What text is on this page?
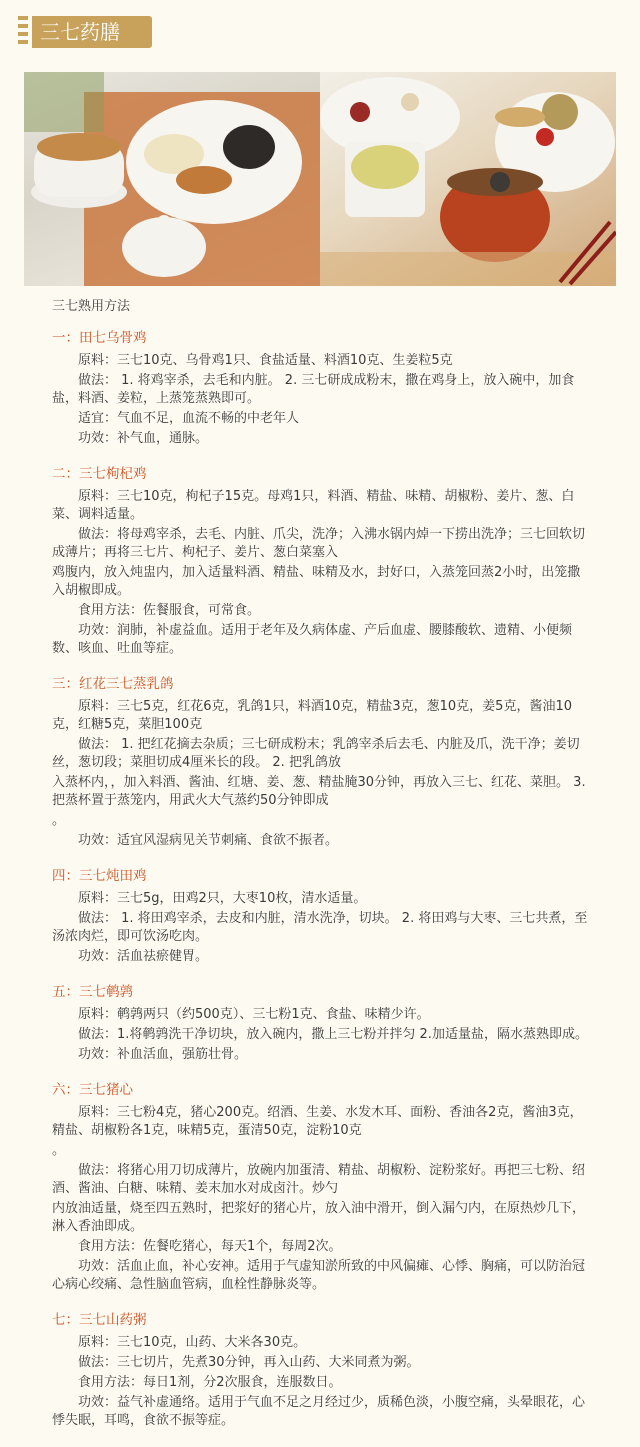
三七药膳
三七熟用方法
一：田七乌骨鸡

原料：三七10克、乌骨鸡1只、食盐适量、料酒10克、生姜粒5克

做法： 1. 将鸡宰杀，去毛和内脏。 2. 三七研成成粉末，撒在鸡身上，放入碗中，加食盐，料酒、姜粒，上蒸笼蒸熟即可。

适宜：气血不足，血流不畅的中老年人

功效：补气血，通脉。

二：三七枸杞鸡

原料：三七10克，枸杞子15克。母鸡1只，料酒、精盐、味精、胡椒粉、姜片、葱、白菜、调料适量。

做法：将母鸡宰杀，去毛、内脏、爪尖，洗净；入沸水锅内焯一下捞出洗净；三七回软切成薄片；再将三七片、枸杞子、姜片、葱白菜塞入

鸡腹内，放入炖盅内，加入适量料酒、精盐、味精及水，封好口，入蒸笼回蒸2小时，出笼撒入胡椒即成。

食用方法：佐餐服食，可常食。

功效：润肺，补虚益血。适用于老年及久病体虚、产后血虚、腰膝酸软、遗精、小便频数、咳血、吐血等症。

三：红花三七蒸乳鸽

原料：三七5克，红花6克，乳鸽1只，料酒10克，精盐3克，葱10克，姜5克，酱油10克，红糖5克，菜胆100克

做法： 1. 把红花摘去杂质；三七研成粉末；乳鸽宰杀后去毛、内脏及爪，洗干净；姜切丝，葱切段；菜胆切成4厘米长的段。 2. 把乳鸽放

入蒸杯内，，加入料酒、酱油、红塘、姜、葱、精盐腌30分钟，再放入三七、红花、菜胆。 3. 把蒸杯置于蒸笼内，用武火大气蒸约50分钟即成

。

功效：适宜风湿病见关节刺痛、食欲不振者。

四：三七炖田鸡

原料：三七5g，田鸡2只，大枣10枚，清水适量。

做法： 1. 将田鸡宰杀，去皮和内脏，清水洗净，切块。 2. 将田鸡与大枣、三七共煮，至汤浓肉烂，即可饮汤吃肉。

功效：活血祛瘀健胃。

五：三七鹌鹑

原料：鹌鹑两只（约500克）、三七粉1克、食盐、味精少许。

做法：1.将鹌鹑洗干净切块，放入碗内，撒上三七粉并拌匀 2.加适量盐，隔水蒸熟即成。

功效：补血活血，强筋壮骨。

六：三七猪心

原料：三七粉4克，猪心200克。绍酒、生姜、水发木耳、面粉、香油各2克，酱油3克，精盐、胡椒粉各1克，味精5克，蛋清50克，淀粉10克

。

做法：将猪心用刀切成薄片，放碗内加蛋清、精盐、胡椒粉、淀粉浆好。再把三七粉、绍酒、酱油、白糖、味精、姜末加水对成卤汁。炒勺

内放油适量，烧至四五熟时，把浆好的猪心片，放入油中滑开，倒入漏勺内，在原热炒几下，淋入香油即成。

食用方法：佐餐吃猪心，每天1个，每周2次。

功效：活血止血，补心安神。适用于气虚知淤所致的中风偏瘫、心悸、胸痛，可以防治冠心病心绞痛、急性脑血管病，血栓性静脉炎等。

七：三七山药粥

原料：三七10克，山药、大米各30克。

做法：三七切片，先煮30分钟，再入山药、大米同煮为粥。

食用方法：每日1剂，分2次服食，连服数日。

功效：益气补虚通络。适用于气血不足之月经过少，质稀色淡，小腹空痛，头晕眼花，心悸失眠，耳鸣，食欲不振等症。
